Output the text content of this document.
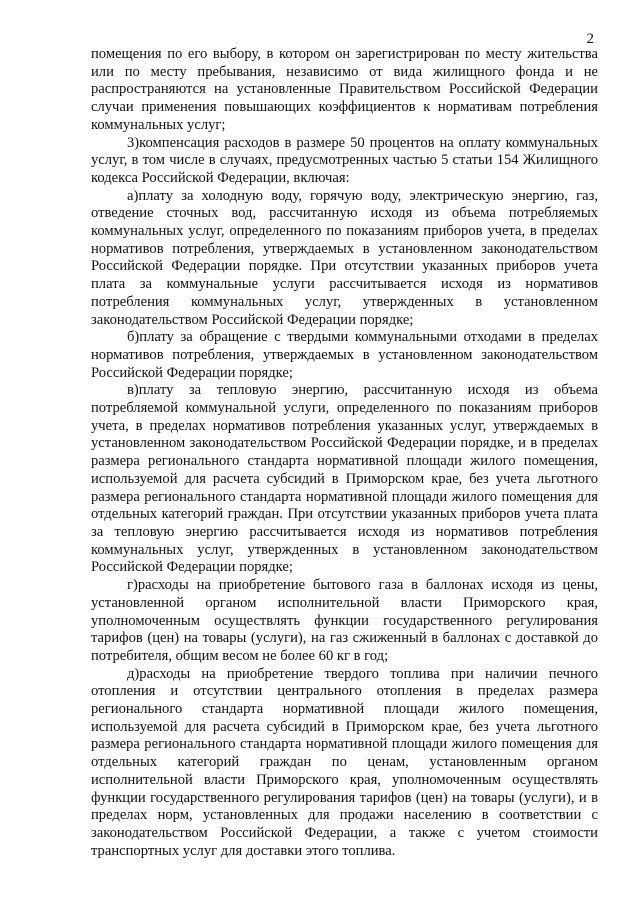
2

помещения по его выбору, в котором он зарегистрирован по месту жительства или по месту пребывания, независимо от вида жилищного фонда и не распространяются на установленные Правительством Российской Федерации случаи применения повышающих коэффициентов к нормативам потребления коммунальных услуг;

3)компенсация расходов в размере 50 процентов на оплату коммунальных услуг, в том числе в случаях, предусмотренных частью 5 статьи 154 Жилищного кодекса Российской Федерации, включая:

а)плату за холодную воду, горячую воду, электрическую энергию, газ, отведение сточных вод, рассчитанную исходя из объема потребляемых коммунальных услуг, определенного по показаниям приборов учета, в пределах нормативов потребления, утверждаемых в установленном законодательством Российской Федерации порядке. При отсутствии указанных приборов учета плата за коммунальные услуги рассчитывается исходя из нормативов потребления коммунальных услуг, утвержденных в установленном законодательством Российской Федерации порядке;

б)плату за обращение с твердыми коммунальными отходами в пределах нормативов потребления, утверждаемых в установленном законодательством Российской Федерации порядке;

в)плату за тепловую энергию, рассчитанную исходя из объема потребляемой коммунальной услуги, определенного по показаниям приборов учета, в пределах нормативов потребления указанных услуг, утверждаемых в установленном законодательством Российской Федерации порядке, и в пределах размера регионального стандарта нормативной площади жилого помещения, используемой для расчета субсидий в Приморском крае, без учета льготного размера регионального стандарта нормативной площади жилого помещения для отдельных категорий граждан. При отсутствии указанных приборов учета плата за тепловую энергию рассчитывается исходя из нормативов потребления коммунальных услуг, утвержденных в установленном законодательством Российской Федерации порядке;

г)расходы на приобретение бытового газа в баллонах исходя из цены, установленной органом исполнительной власти Приморского края, уполномоченным осуществлять функции государственного регулирования тарифов (цен) на товары (услуги), на газ сжиженный в баллонах с доставкой до потребителя, общим весом не более 60 кг в год;

д)расходы на приобретение твердого топлива при наличии печного отопления и отсутствии центрального отопления в пределах размера регионального стандарта нормативной площади жилого помещения, используемой для расчета субсидий в Приморском крае, без учета льготного размера регионального стандарта нормативной площади жилого помещения для отдельных категорий граждан по ценам, установленным органом исполнительной власти Приморского края, уполномоченным осуществлять функции государственного регулирования тарифов (цен) на товары (услуги), и в пределах норм, установленных для продажи населению в соответствии с законодательством Российской Федерации, а также с учетом стоимости транспортных услуг для доставки этого топлива.
